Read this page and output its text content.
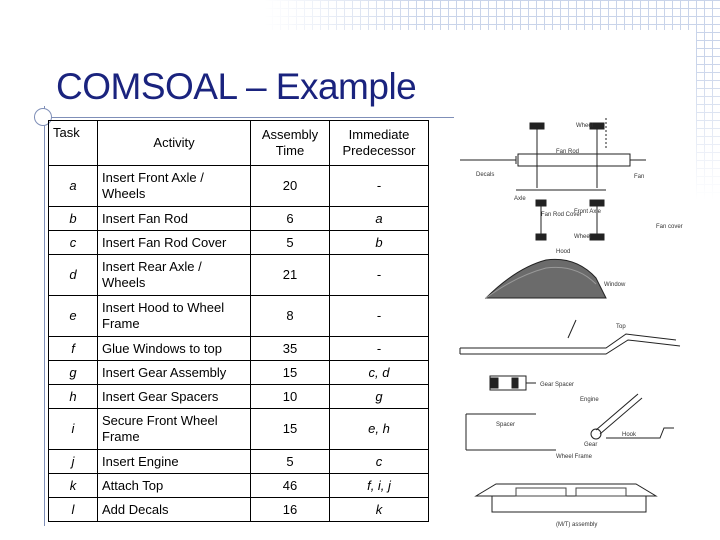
COMSOAL – Example
Task	Activity	Assembly Time	Immediate Predecessor
a	Insert Front Axle / Wheels	20	-
b	Insert Fan Rod	6	a
c	Insert Fan Rod Cover	5	b
d	Insert Rear Axle / Wheels	21	-
e	Insert Hood to Wheel Frame	8	-
f	Glue Windows to top	35	-
g	Insert Gear Assembly	15	c, d
h	Insert Gear Spacers	10	g
i	Secure Front Wheel Frame	15	e, h
j	Insert Engine	5	c
k	Attach Top	46	f, i, j
l	Add Decals	16	k
Wheel
Decals
Fan Rod
Fan
Axle
Fan Rod Cover
Front Axle
Fan cover
Wheel
Hood
Window
Top
Gear Spacer
Engine
Gear
Hook
Spacer
Wheel Frame
(M/T) assembly
